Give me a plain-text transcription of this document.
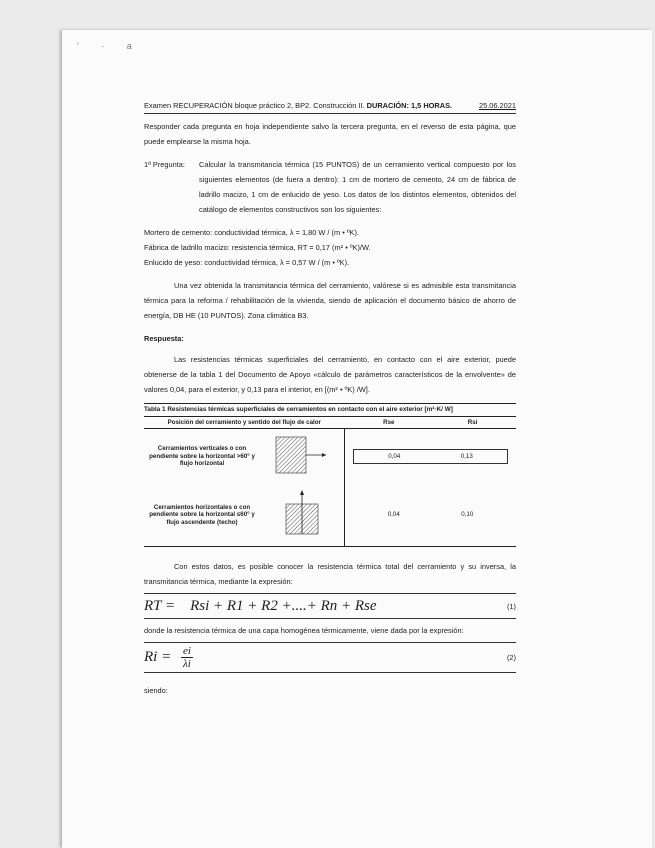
' · a
Examen RECUPERACIÓN bloque práctico 2, BP2. Construcción II. DURACIÓN: 1,5 HORAS.	25.06.2021

Responder cada pregunta en hoja independiente salvo la tercera pregunta, en el reverso de esta página, que puede emplearse la misma hoja.

1ª Pregunta:	Calcular la transmitancia térmica (15 PUNTOS) de un cerramiento vertical compuesto por los siguientes elementos (de fuera a dentro): 1 cm de mortero de cemento, 24 cm de fábrica de ladrillo macizo, 1 cm de enlucido de yeso. Los datos de los distintos elementos, obtenidos del catálogo de elementos constructivos son los siguientes:

Mortero de cemento: conductividad térmica, λ = 1,80 W / (m • ºK).

Fábrica de ladrillo macizo: resistencia térmica, RT = 0,17 (m² • ºK)/W.

Enlucido de yeso: conductividad térmica, λ = 0,57 W / (m • ºK).

Una vez obtenida la transmitancia térmica del cerramiento, valórese si es admisible esta transmitancia térmica para la reforma / rehabilitación de la vivienda, siendo de aplicación el documento básico de ahorro de energía, DB HE (10 PUNTOS). Zona climática B3.

Respuesta:

Las resistencias térmicas superficiales del cerramiento, en contacto con el aire exterior, puede obtenerse de la tabla 1 del Documento de Apoyo «cálculo de parámetros característicos de la envolvente» de valores 0,04, para el exterior, y 0,13 para el interior, en [(m² • ºK) /W].

Tabla 1 Resistencias térmicas superficiales de cerramientos en contacto con el aire exterior [m²·K/ W]
Posición del cerramiento y sentido del flujo de calor		Rse Rsi

Cerramientos verticales o con pendiente sobre la horizontal >60° y flujo horizontal		0,04 0,13

Cerramientos horizontales o con pendiente sobre la horizontal ≤60° y flujo ascendente (techo)		0,04 0,10

Con estos datos, es posible conocer la resistencia térmica total del cerramiento y su inversa, la transmitancia térmica, mediante la expresión:

RT = Rsi + R1 + R2 +....+ Rn + Rse	(1)

donde la resistencia térmica de una capa homogénea térmicamente, viene dada por la expresión:

$Ri = \frac{ei}{\lambda i}$	(2)

siendo:
